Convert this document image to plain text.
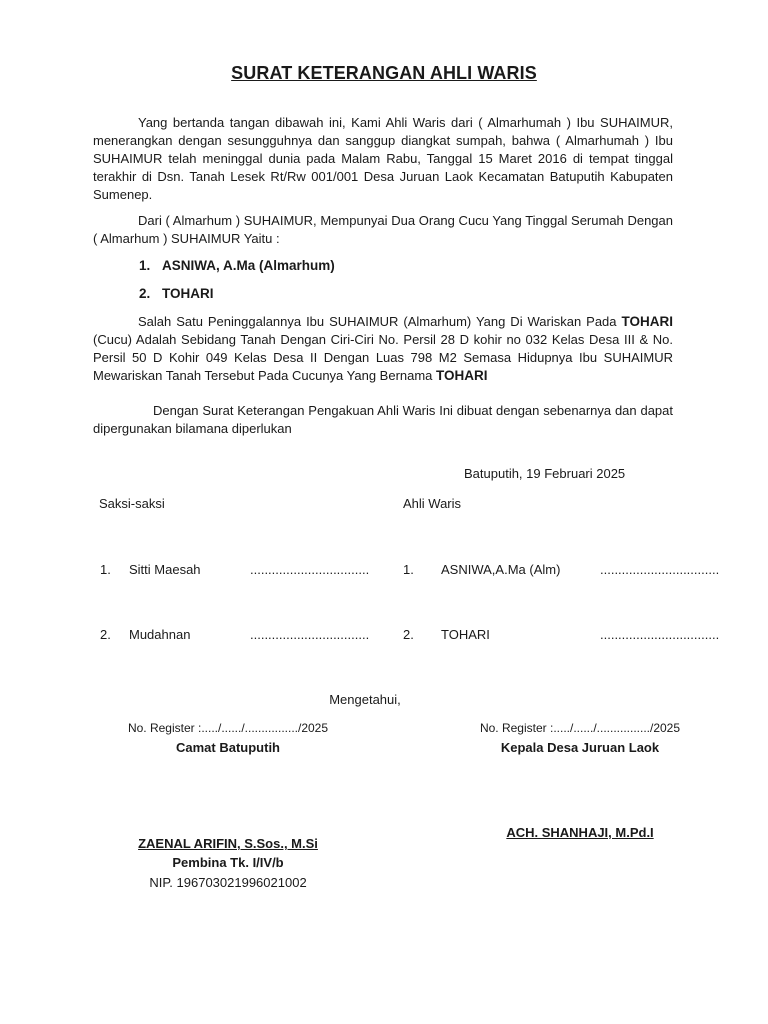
SURAT KETERANGAN AHLI WARIS
Yang bertanda tangan dibawah ini, Kami Ahli Waris dari ( Almarhumah ) Ibu SUHAIMUR, menerangkan dengan sesungguhnya dan sanggup diangkat sumpah, bahwa ( Almarhumah ) Ibu SUHAIMUR telah meninggal dunia pada Malam Rabu, Tanggal 15 Maret 2016 di tempat tinggal terakhir di Dsn. Tanah Lesek Rt/Rw 001/001 Desa Juruan Laok Kecamatan Batuputih Kabupaten Sumenep.
Dari ( Almarhum ) SUHAIMUR, Mempunyai Dua Orang Cucu Yang Tinggal Serumah Dengan ( Almarhum ) SUHAIMUR Yaitu :
1. ASNIWA, A.Ma (Almarhum)
2. TOHARI
Salah Satu Peninggalannya Ibu SUHAIMUR (Almarhum) Yang Di Wariskan Pada TOHARI (Cucu) Adalah Sebidang Tanah Dengan Ciri-Ciri No. Persil 28 D kohir no 032 Kelas Desa III & No. Persil 50 D Kohir 049 Kelas Desa II Dengan Luas 798 M2 Semasa Hidupnya Ibu SUHAIMUR Mewariskan Tanah Tersebut Pada Cucunya Yang Bernama TOHARI
Dengan Surat Keterangan Pengakuan Ahli Waris Ini dibuat dengan sebenarnya dan dapat dipergunakan bilamana diperlukan
Batuputih, 19 Februari 2025
Saksi-saksi	Ahli Waris
1. Sitti Maesah	.................................
2. Mudahnan	.................................
1. ASNIWA,A.Ma (Alm)	.................................
2. TOHARI	.................................
Mengetahui,
No. Register :...../....../................/2025
Camat Batuputih
ZAENAL ARIFIN, S.Sos., M.Si
Pembina Tk. I/IV/b
NIP. 196703021996021002
No. Register :...../....../................/2025
Kepala Desa Juruan Laok
ACH. SHANHAJI, M.Pd.I
